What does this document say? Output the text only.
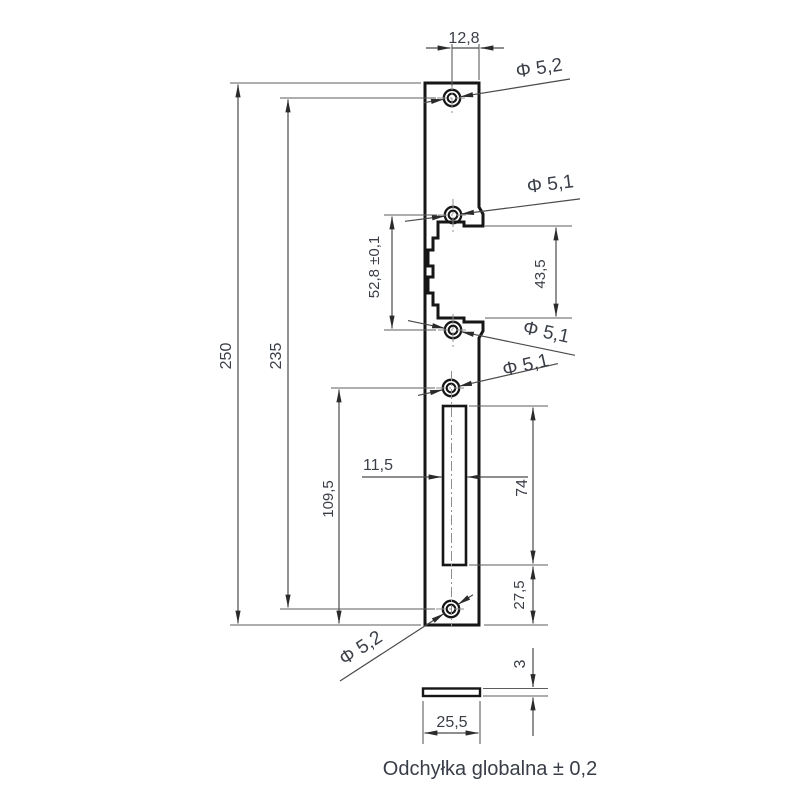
12,8
250 235
52,8 ±0,1	43,5
109,5
11,5
74
27,5
Φ 5,2
Φ 5,1
Φ 5,1
Φ 5,1
Φ 5,2	3
25,5
Odchyłka globalna ± 0,2
